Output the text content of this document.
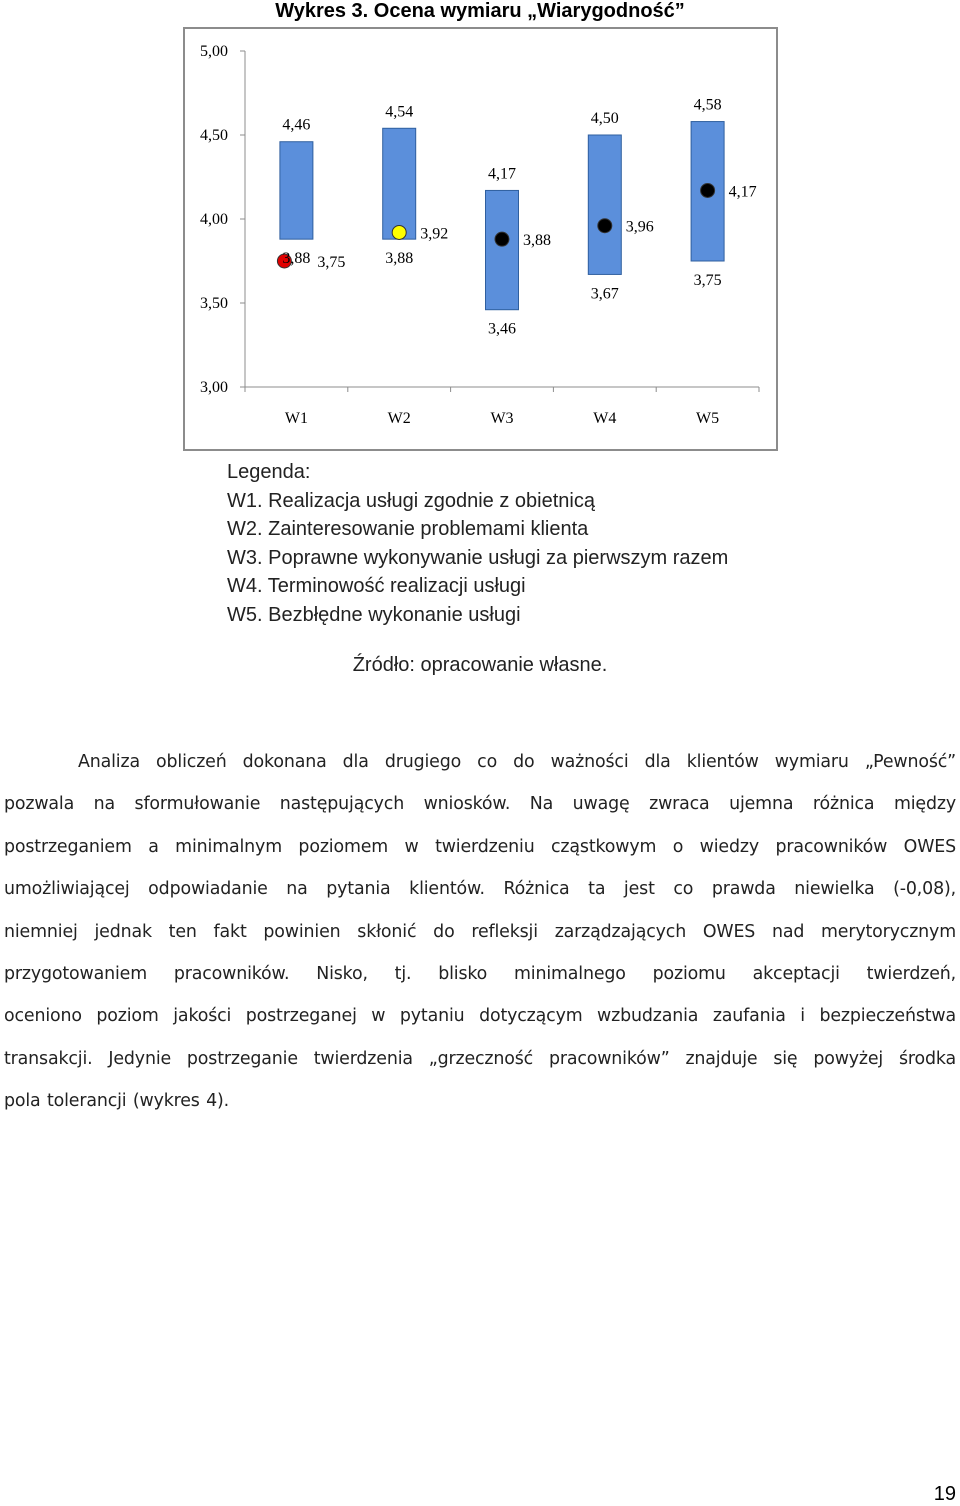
Wykres 3. Ocena wymiaru „Wiarygodność”
5,00
4,50
4,00
3,50
3,00
W1	W2	W3	W4	W5
4,46
3,88
4,54
3,88
4,17
3,46
4,50
3,67
4,58
3,75
3,75
3,92	3,88
3,96
4,17
Legenda:
W1. Realizacja usługi zgodnie z obietnicą
W2. Zainteresowanie problemami klienta
W3. Poprawne wykonywanie usługi za pierwszym razem
W4. Terminowość realizacji usługi
W5. Bezbłędne wykonanie usługi
Źródło: opracowanie własne.
Analiza obliczeń dokonana dla drugiego co do ważności dla klientów wymiaru „Pewność”
pozwala na sformułowanie następujących wniosków. Na uwagę zwraca ujemna różnica między
postrzeganiem a minimalnym poziomem w twierdzeniu cząstkowym o wiedzy pracowników OWES
umożliwiającej odpowiadanie na pytania klientów. Różnica ta jest co prawda niewielka (-0,08),
niemniej jednak ten fakt powinien skłonić do refleksji zarządzających OWES nad merytorycznym
przygotowaniem pracowników. Nisko, tj. blisko minimalnego poziomu akceptacji twierdzeń,
oceniono poziom jakości postrzeganej w pytaniu dotyczącym wzbudzania zaufania i bezpieczeństwa
transakcji. Jedynie postrzeganie twierdzenia „grzeczność pracowników” znajduje się powyżej środka
pola tolerancji (wykres 4).
19
